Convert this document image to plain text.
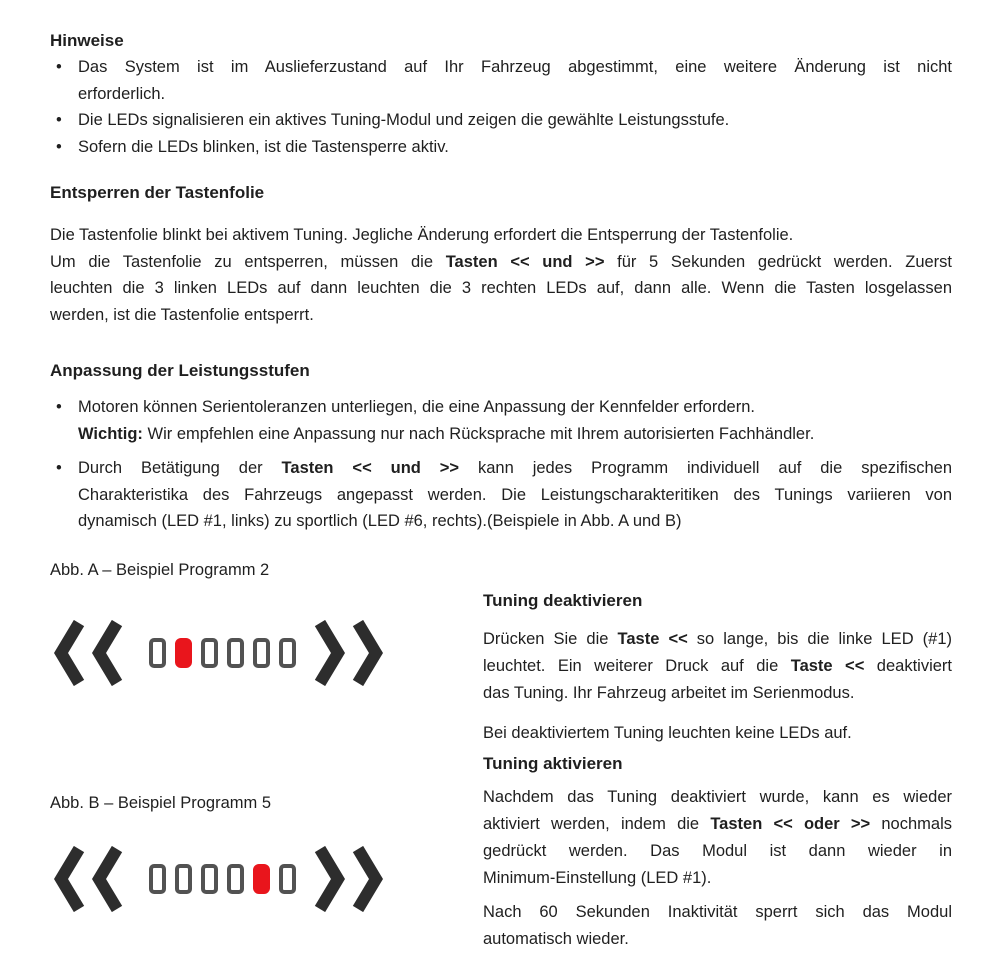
Hinweise

• Das System ist im Auslieferzustand auf Ihr Fahrzeug abgestimmt, eine weitere Änderung ist nicht
erforderlich.
• Die LEDs signalisieren ein aktives Tuning-Modul und zeigen die gewählte Leistungsstufe.
• Sofern die LEDs blinken, ist die Tastensperre aktiv.

Entsperren der Tastenfolie

Die Tastenfolie blinkt bei aktivem Tuning. Jegliche Änderung erfordert die Entsperrung der Tastenfolie.
Um die Tastenfolie zu entsperren, müssen die Tasten << und >> für 5 Sekunden gedrückt werden. Zuerst
leuchten die 3 linken LEDs auf dann leuchten die 3 rechten LEDs auf, dann alle. Wenn die Tasten losgelassen
werden, ist die Tastenfolie entsperrt.

Anpassung der Leistungsstufen

• Motoren können Serientoleranzen unterliegen, die eine Anpassung der Kennfelder erfordern.
Wichtig: Wir empfehlen eine Anpassung nur nach Rücksprache mit Ihrem autorisierten Fachhändler.
• Durch Betätigung der Tasten << und >> kann jedes Programm individuell auf die spezifischen
Charakteristika des Fahrzeugs angepasst werden. Die Leistungscharakteritiken des Tunings variieren von
dynamisch (LED #1, links) zu sportlich (LED #6, rechts).(Beispiele in Abb. A und B)

Abb. A – Beispiel Programm 2

Abb. B – Beispiel Programm 5

Tuning deaktivieren

Drücken Sie die Taste << so lange, bis die linke LED (#1)
leuchtet. Ein weiterer Druck auf die Taste << deaktiviert
das Tuning. Ihr Fahrzeug arbeitet im Serienmodus.
Bei deaktiviertem Tuning leuchten keine LEDs auf.

Tuning aktivieren

Nachdem das Tuning deaktiviert wurde, kann es wieder
aktiviert werden, indem die Tasten << oder >> nochmals
gedrückt werden. Das Modul ist dann wieder in
Minimum-Einstellung (LED #1).
Nach 60 Sekunden Inaktivität sperrt sich das Modul
automatisch wieder.
